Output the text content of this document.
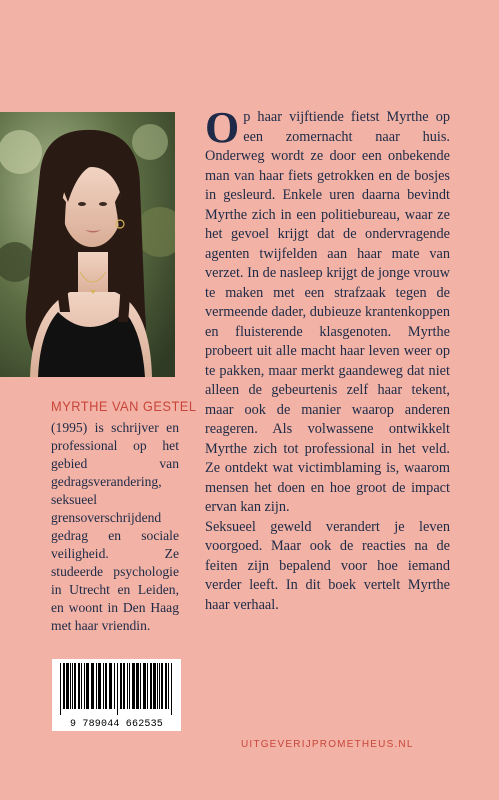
MYRTHE VAN GESTEL
(1995) is schrijver en professional op het gebied van gedragsverandering, seksueel grensoverschrijdend gedrag en sociale veiligheid. Ze studeerde psychologie in Utrecht en Leiden, en woont in Den Haag met haar vriendin.

Op haar vijftiende fietst Myrthe op een zomernacht naar huis. Onderweg wordt ze door een onbekende man van haar fiets getrokken en de bosjes in gesleurd. Enkele uren daarna bevindt Myrthe zich in een politiebureau, waar ze het gevoel krijgt dat de ondervragende agenten twijfelden aan haar mate van verzet. In de nasleep krijgt de jonge vrouw te maken met een strafzaak tegen de vermeende dader, dubieuze krantenkoppen en fluisterende klasgenoten. Myrthe probeert uit alle macht haar leven weer op te pakken, maar merkt gaandeweg dat niet alleen de gebeurtenis zelf haar tekent, maar ook de manier waarop anderen reageren. Als volwassene ontwikkelt Myrthe zich tot professional in het veld. Ze ontdekt wat victimblaming is, waarom mensen het doen en hoe groot de impact ervan kan zijn.

Seksueel geweld verandert je leven voorgoed. Maar ook de reacties na de feiten zijn bepalend voor hoe iemand verder leeft. In dit boek vertelt Myrthe haar verhaal.

9 789044 662535
UITGEVERIJPROMETHEUS.NL
